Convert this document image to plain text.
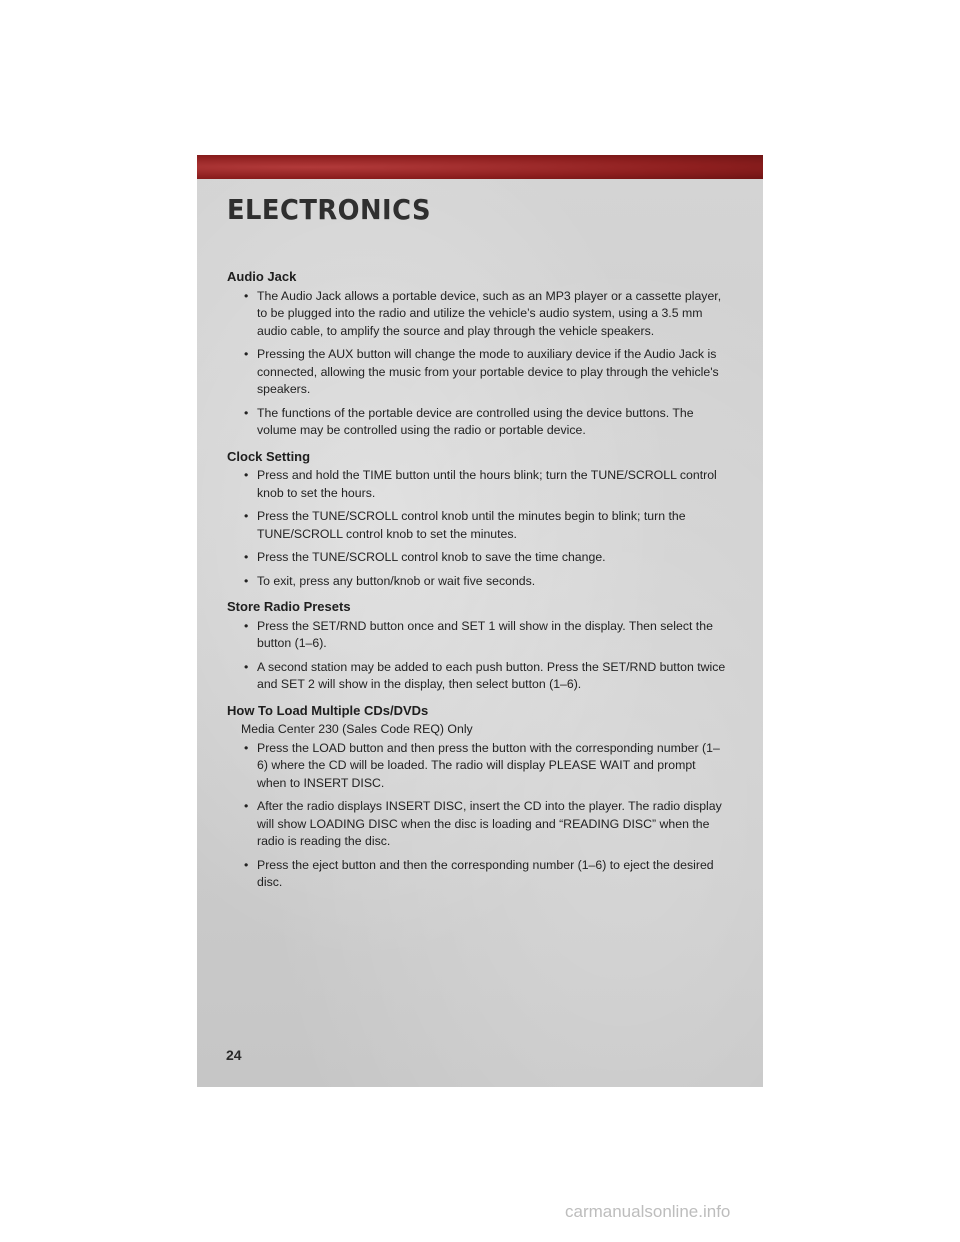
ELECTRONICS
Audio Jack
• The Audio Jack allows a portable device, such as an MP3 player or a cassette player, to be plugged into the radio and utilize the vehicle’s audio system, using a 3.5 mm audio cable, to amplify the source and play through the vehicle speakers.
• Pressing the AUX button will change the mode to auxiliary device if the Audio Jack is connected, allowing the music from your portable device to play through the vehicle's speakers.
• The functions of the portable device are controlled using the device buttons. The volume may be controlled using the radio or portable device.
Clock Setting
• Press and hold the TIME button until the hours blink; turn the TUNE/SCROLL control knob to set the hours.
• Press the TUNE/SCROLL control knob until the minutes begin to blink; turn the TUNE/SCROLL control knob to set the minutes.
• Press the TUNE/SCROLL control knob to save the time change.
• To exit, press any button/knob or wait five seconds.
Store Radio Presets
• Press the SET/RND button once and SET 1 will show in the display. Then select the button (1–6).
• A second station may be added to each push button. Press the SET/RND button twice and SET 2 will show in the display, then select button (1–6).
How To Load Multiple CDs/DVDs
Media Center 230 (Sales Code REQ) Only
• Press the LOAD button and then press the button with the corresponding number (1–6) where the CD will be loaded. The radio will display PLEASE WAIT and prompt when to INSERT DISC.
• After the radio displays INSERT DISC, insert the CD into the player. The radio display will show LOADING DISC when the disc is loading and “READING DISC” when the radio is reading the disc.
• Press the eject button and then the corresponding number (1–6) to eject the desired disc.
24
carmanualsonline.info
